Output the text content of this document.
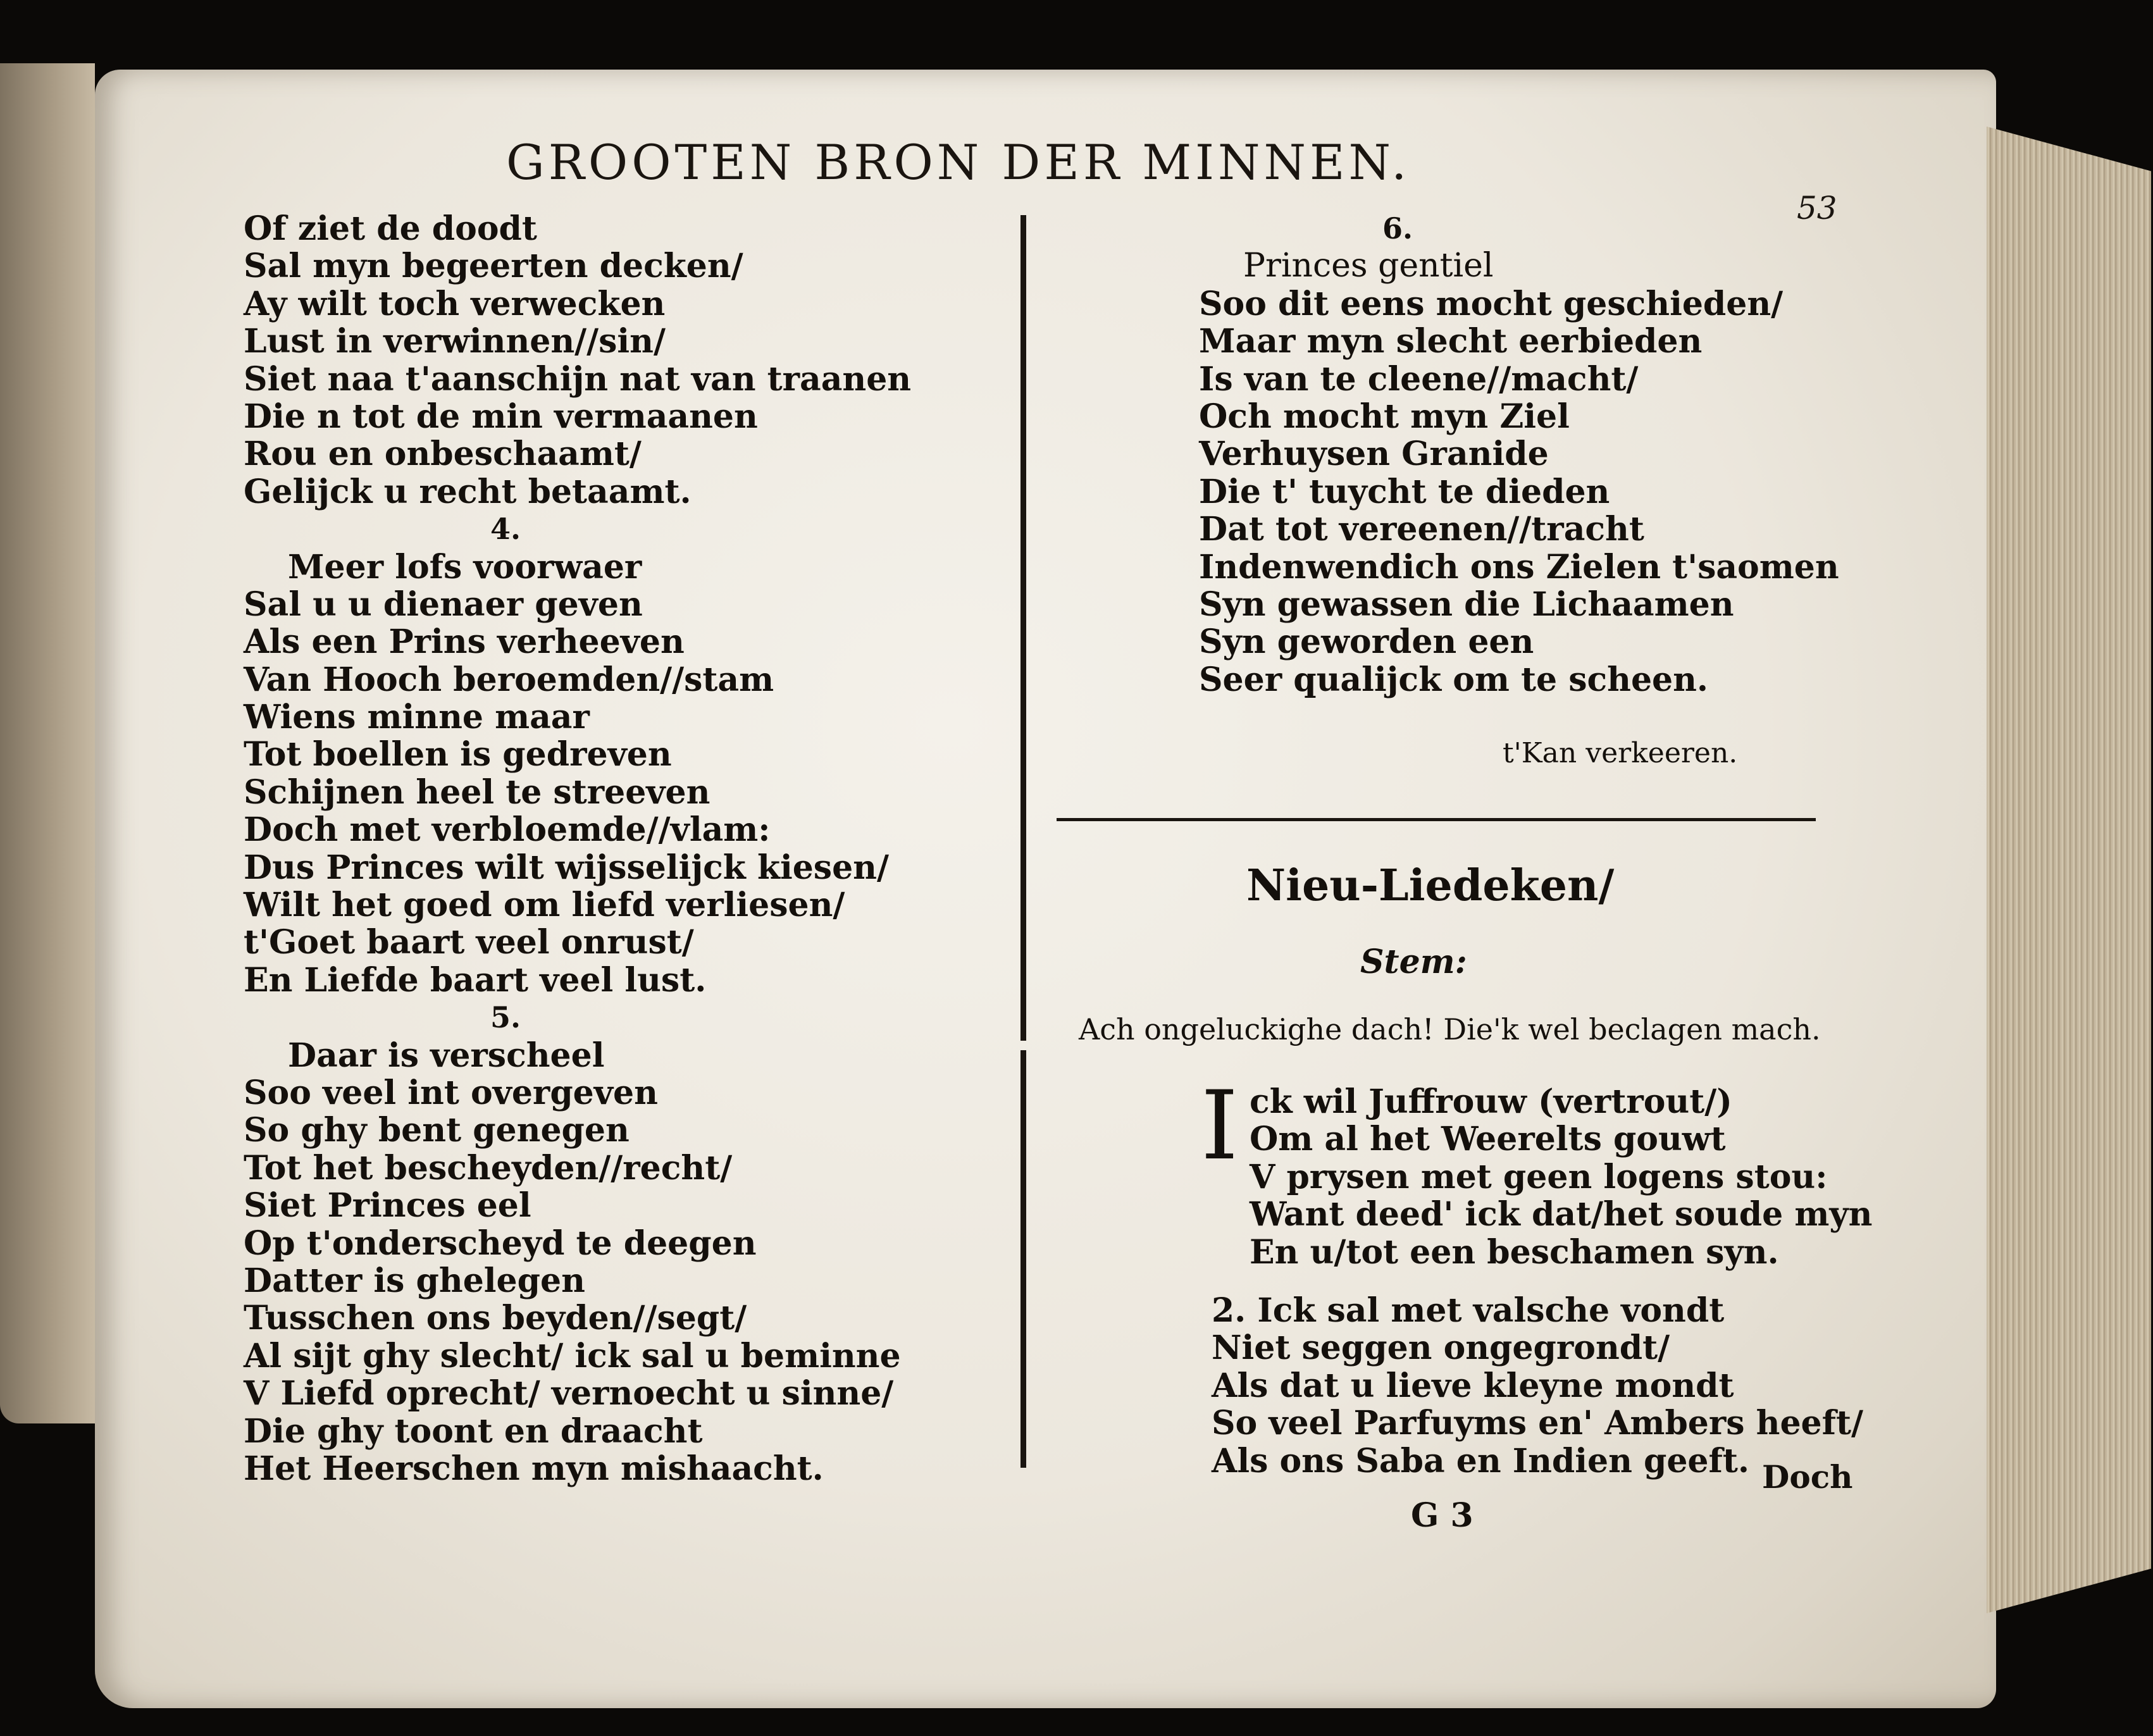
GROOTEN BRON DER MINNEN.
53
Of ziet de doodt
Sal myn begeerten decken/
Ay wilt toch verwecken
Lust in verwinnen//sin/
Siet naa t'aanschijn nat van traanen
Die n tot de min vermaanen
Rou en onbeschaamt/
Gelijck u recht betaamt.
4.
Meer lofs voorwaer
Sal u u dienaer geven
Als een Prins verheeven
Van Hooch beroemden//stam
Wiens minne maar
Tot boellen is gedreven
Schijnen heel te streeven
Doch met verbloemde//vlam:
Dus Princes wilt wijsselijck kiesen/
Wilt het goed om liefd verliesen/
t'Goet baart veel onrust/
En Liefde baart veel lust.
5.
Daar is verscheel
Soo veel int overgeven
So ghy bent genegen
Tot het bescheyden//recht/
Siet Princes eel
Op t'onderscheyd te deegen
Datter is ghelegen
Tusschen ons beyden//segt/
Al sijt ghy slecht/ ick sal u beminne
V Liefd oprecht/ vernoecht u sinne/
Die ghy toont en draacht
Het Heerschen myn mishaacht.
6.
Princes gentiel
Soo dit eens mocht geschieden/
Maar myn slecht eerbieden
Is van te cleene//macht/
Och mocht myn Ziel
Verhuysen Granide
Die t' tuycht te dieden
Dat tot vereenen//tracht
Indenwendich ons Zielen t'saomen
Syn gewassen die Lichaamen
Syn geworden een
Seer qualijck om te scheen.
t'Kan verkeeren.
Nieu-Liedeken/
Stem:
Ach ongeluckighe dach! Die'k wel beclagen mach.
I ck wil Juffrouw (vertrout/)
Om al het Weerelts gouwt
V prysen met geen logens stou:
Want deed' ick dat/het soude myn
En u/tot een beschamen syn.
2. Ick sal met valsche vondt
Niet seggen ongegrondt/
Als dat u lieve kleyne mondt
So veel Parfuyms en' Ambers heeft/
Als ons Saba en Indien geeft. Doch
G 3
